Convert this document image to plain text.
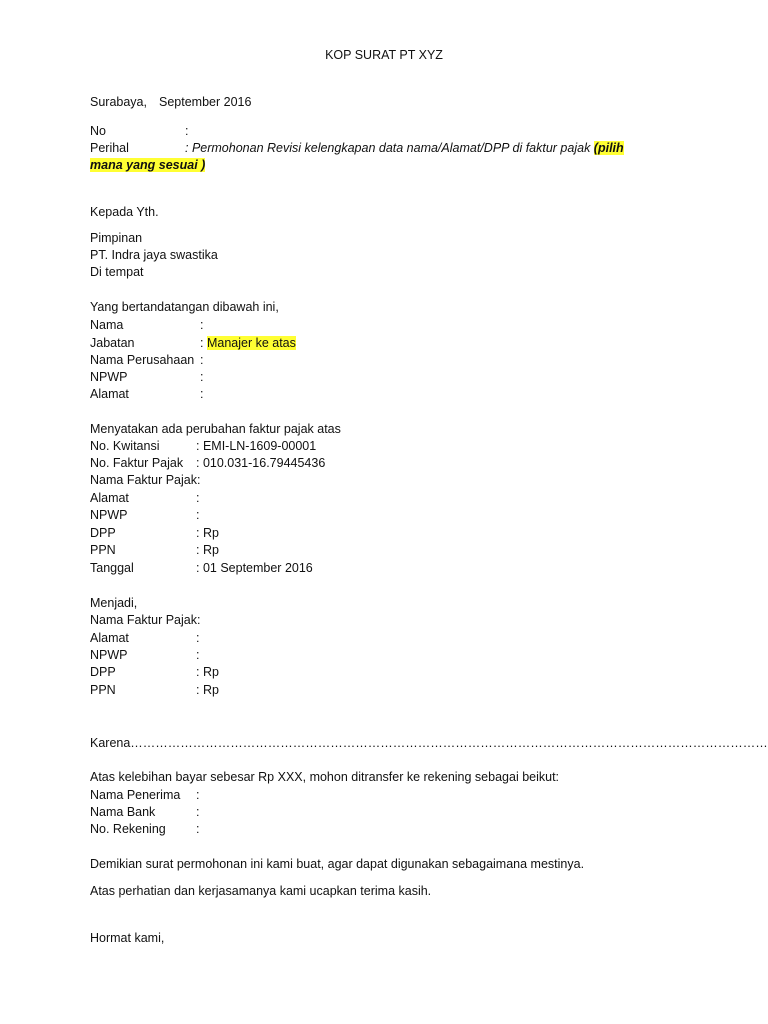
KOP SURAT PT XYZ
Surabaya, September 2016
No	:
Perihal	: Permohonan Revisi kelengkapan data nama/Alamat/DPP di faktur pajak (pilih
mana yang sesuai )
Kepada Yth.
Pimpinan
PT. Indra jaya swastika
Di tempat
Yang bertandatangan dibawah ini,
Nama	:
Jabatan	: Manajer ke atas
Nama Perusahaan :
NPWP	:
Alamat	:
Menyatakan ada perubahan faktur pajak atas
No. Kwitansi	: EMI-LN-1609-00001
No. Faktur Pajak : 010.031-16.79445436
Nama Faktur Pajak:
Alamat	:
NPWP	:
DPP	: Rp
PPN	: Rp
Tanggal	: 01 September 2016
Menjadi,
Nama Faktur Pajak:
Alamat	:
NPWP	:
DPP	: Rp
PPN	: Rp
Karena………………………………………………………………………………………………………………………………………
Atas kelebihan bayar sebesar Rp XXX, mohon ditransfer ke rekening sebagai beikut:
Nama Penerima :
Nama Bank	:
No. Rekening :
Demikian surat permohonan ini kami buat, agar dapat digunakan sebagaimana mestinya.
Atas perhatian dan kerjasamanya kami ucapkan terima kasih.
Hormat kami,
